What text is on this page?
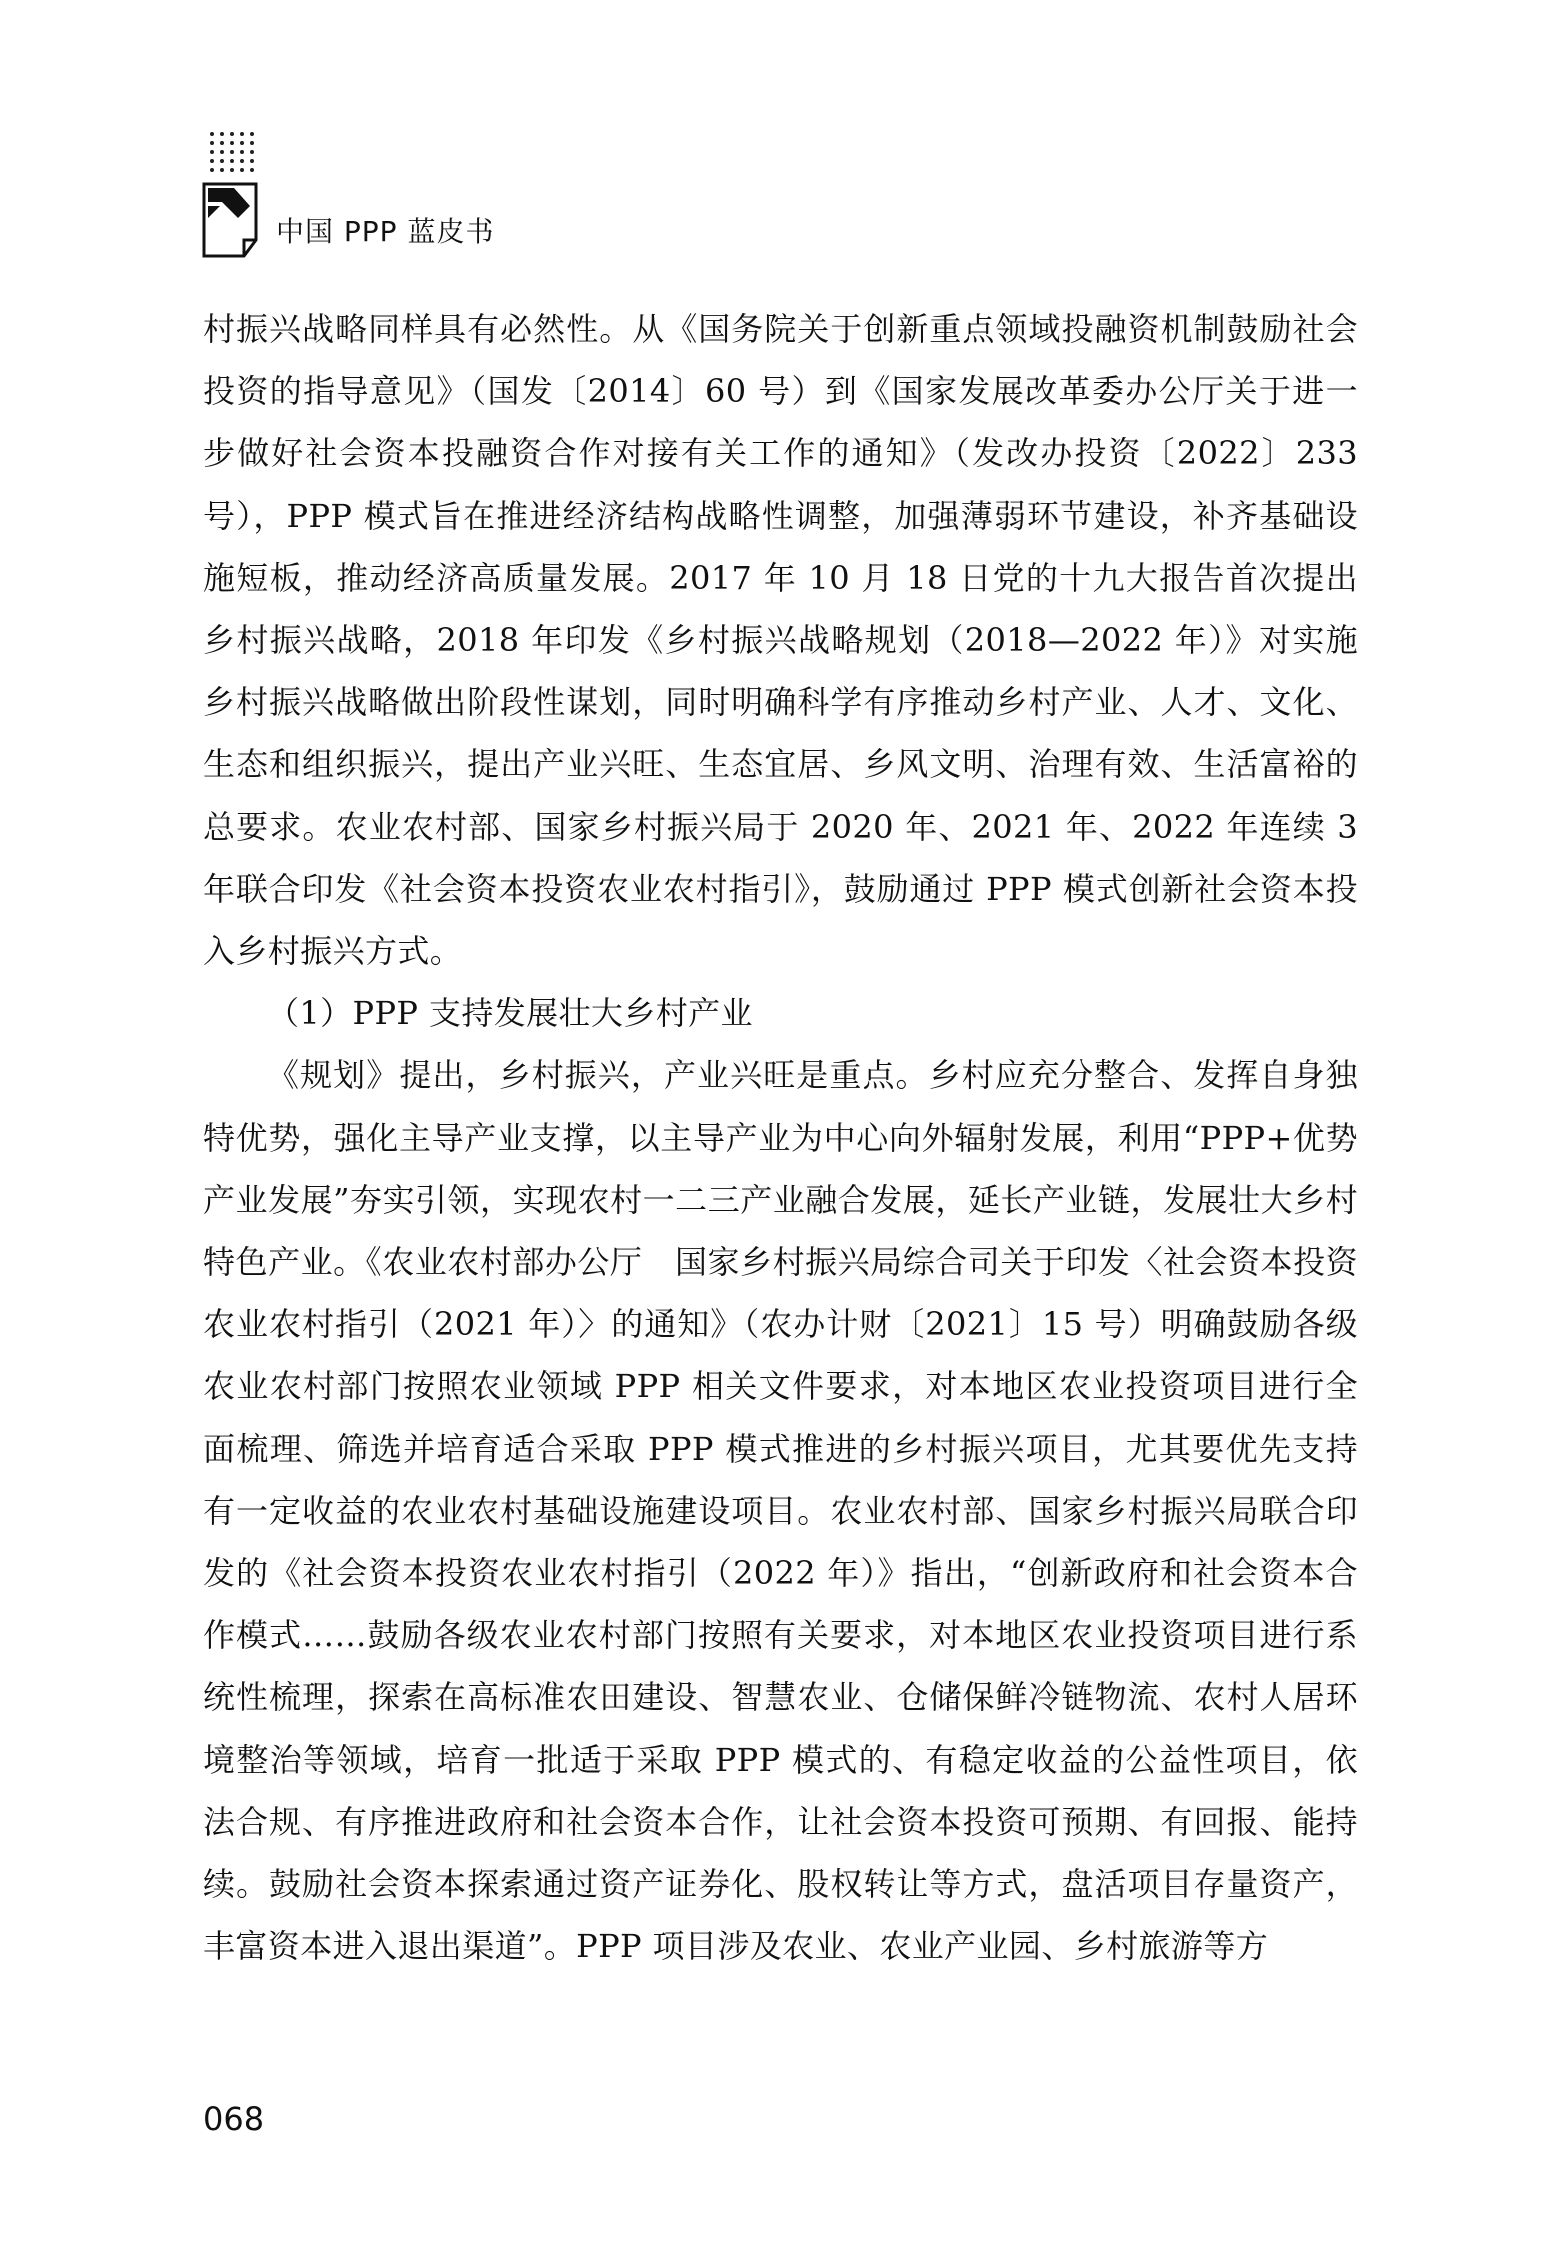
中国 PPP 蓝皮书

村振兴战略同样具有必然性。从《国务院关于创新重点领域投融资机制鼓励社会投资的指导意见》（国发〔2014〕60 号）到《国家发展改革委办公厅关于进一步做好社会资本投融资合作对接有关工作的通知》（发改办投资〔2022〕233 号），PPP 模式旨在推进经济结构战略性调整，加强薄弱环节建设，补齐基础设施短板，推动经济高质量发展。2017 年 10 月 18 日党的十九大报告首次提出乡村振兴战略，2018 年印发《乡村振兴战略规划（2018—2022 年）》对实施乡村振兴战略做出阶段性谋划，同时明确科学有序推动乡村产业、人才、文化、生态和组织振兴，提出产业兴旺、生态宜居、乡风文明、治理有效、生活富裕的总要求。农业农村部、国家乡村振兴局于 2020 年、2021 年、2022 年连续 3 年联合印发《社会资本投资农业农村指引》，鼓励通过 PPP 模式创新社会资本投入乡村振兴方式。

（1）PPP 支持发展壮大乡村产业

《规划》提出，乡村振兴，产业兴旺是重点。乡村应充分整合、发挥自身独特优势，强化主导产业支撑，以主导产业为中心向外辐射发展，利用“PPP+优势产业发展”夯实引领，实现农村一二三产业融合发展，延长产业链，发展壮大乡村特色产业。《农业农村部办公厅　国家乡村振兴局综合司关于印发〈社会资本投资农业农村指引（2021 年）〉的通知》（农办计财〔2021〕15 号）明确鼓励各级农业农村部门按照农业领域 PPP 相关文件要求，对本地区农业投资项目进行全面梳理、筛选并培育适合采取 PPP 模式推进的乡村振兴项目，尤其要优先支持有一定收益的农业农村基础设施建设项目。农业农村部、国家乡村振兴局联合印发的《社会资本投资农业农村指引（2022 年）》指出，“创新政府和社会资本合作模式……鼓励各级农业农村部门按照有关要求，对本地区农业投资项目进行系统性梳理，探索在高标准农田建设、智慧农业、仓储保鲜冷链物流、农村人居环境整治等领域，培育一批适于采取 PPP 模式的、有稳定收益的公益性项目，依法合规、有序推进政府和社会资本合作，让社会资本投资可预期、有回报、能持续。鼓励社会资本探索通过资产证券化、股权转让等方式，盘活项目存量资产，丰富资本进入退出渠道”。PPP 项目涉及农业、农业产业园、乡村旅游等方

068
